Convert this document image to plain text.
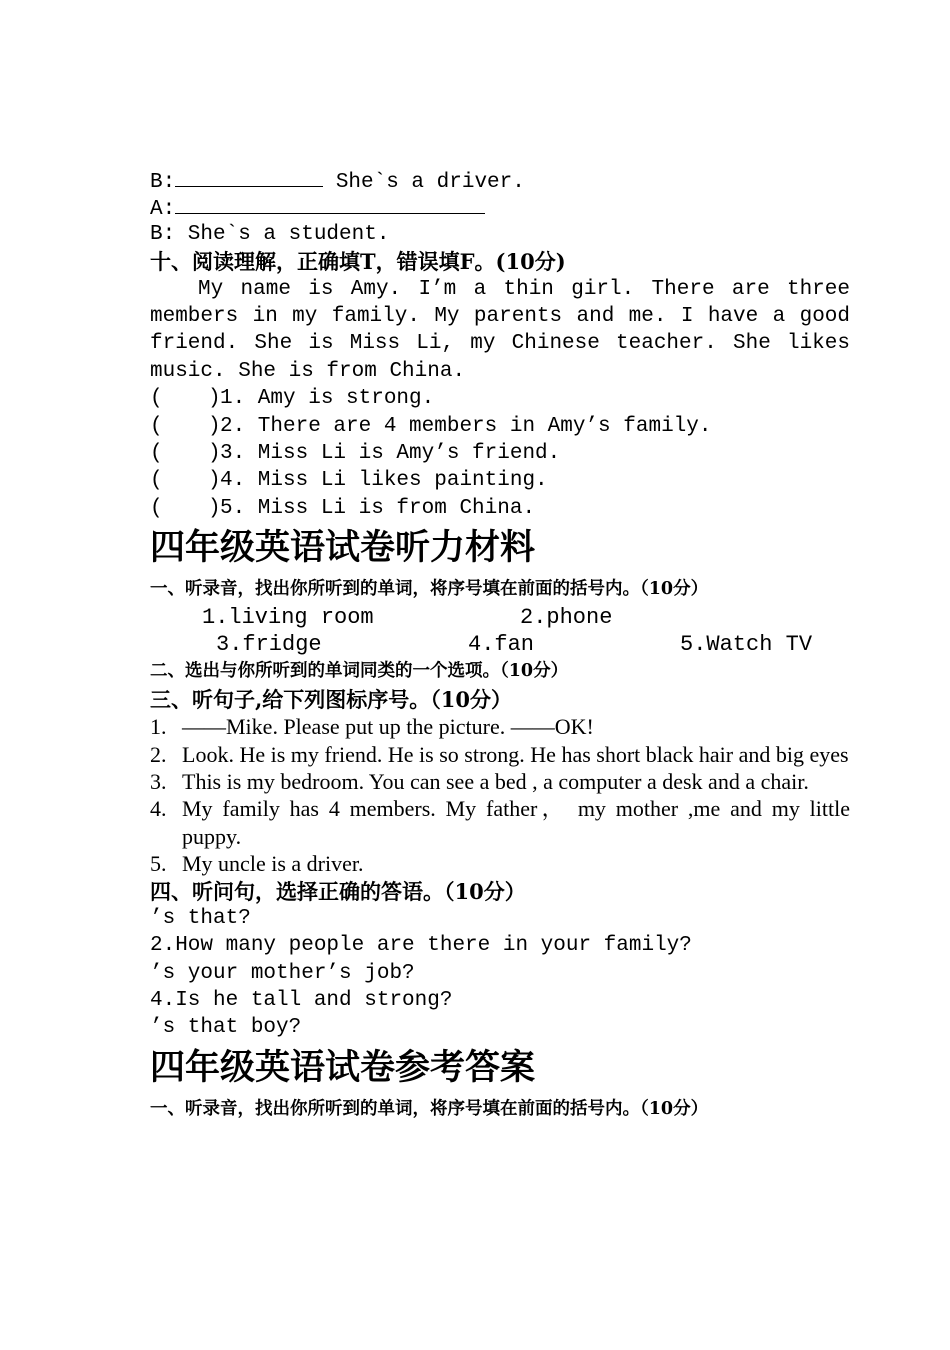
B:	She`s a driver.
A:
B: She`s a student.
十、阅读理解，正确填T，错误填F。(10分)
My name is Amy. I’m a thin girl. There are three members in my family. My parents and me. I have a good friend. She is Miss Li, my Chinese teacher. She likes music. She is from China.
( )1. Amy is strong.
( )2. There are 4 members in Amy’s family.
( )3. Miss Li is Amy’s friend.
( )4. Miss Li likes painting.
( )5. Miss Li is from China.
四年级英语试卷听力材料
一、听录音，找出你所听到的单词，将序号填在前面的括号内。（10分）

1.living room

	2.phone

3.fridge

	4.fan

	5.Watch TV

二、选出与你所听到的单词同类的一个选项。（10分）
三、听句子,给下列图标序号。（10分）
1. ——Mike. Please put up the picture. ——OK!
2. Look. He is my friend. He is so strong. He has short black hair and big eyes
3. This is my bedroom. You can see a bed , a computer a desk and a chair.
4. My family has 4 members. My father， my mother ,me and my little puppy.
5. My uncle is a driver.
四、听问句，选择正确的答语。（10分）
’s that?
2.How many people are there in your family?
’s your mother’s job?
4.Is he tall and strong?
’s that boy?
四年级英语试卷参考答案
一、听录音，找出你所听到的单词，将序号填在前面的括号内。（10分）
